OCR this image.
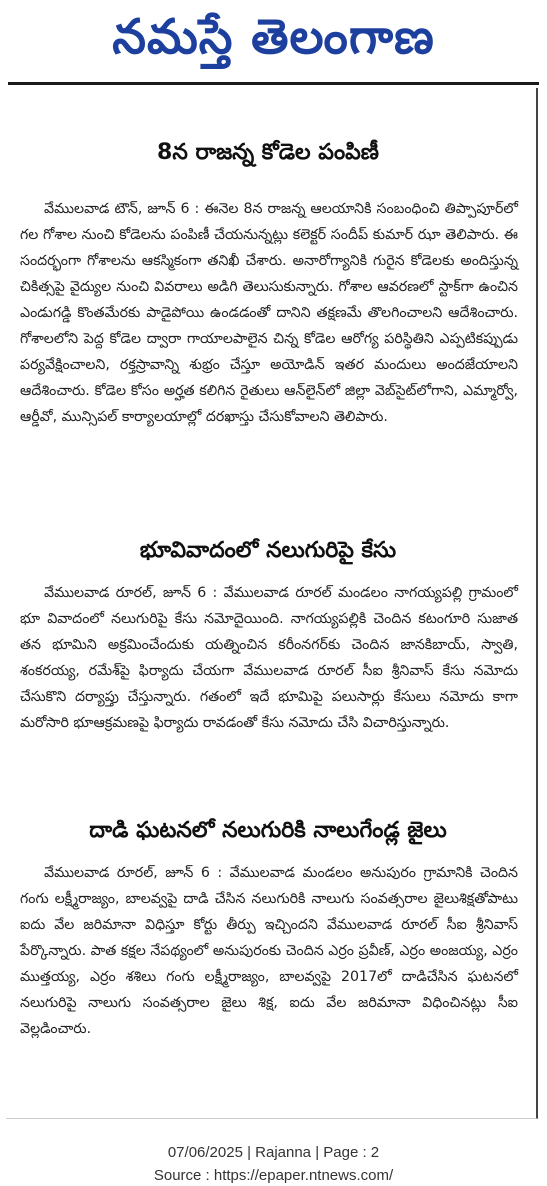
నమస్తే తెలంగాణ
8న రాజన్న కోడెల పంపిణీ

వేములవాడ టౌన్, జూన్ 6 : ఈనెల 8న రాజన్న ఆలయానికి సంబంధించి తిప్పాపూర్‌లో గల గోశాల నుంచి కోడెలను పంపిణీ చేయనున్నట్లు కలెక్టర్ సందీప్ కుమార్ ఝా తెలిపారు. ఈ సందర్భంగా గోశాలను ఆకస్మికంగా తనిఖీ చేశారు. అనారోగ్యానికి గురైన కోడెలకు అందిస్తున్న చికిత్సపై వైద్యుల నుంచి వివరాలు అడిగి తెలుసుకున్నారు. గోశాల ఆవరణలో స్టాక్‌గా ఉంచిన ఎండుగడ్డి కొంతమేరకు పాడైపోయి ఉండడంతో దానిని తక్షణమే తొలగించాలని ఆదేశించారు. గోశాలలోని పెద్ద కోడెల ద్వారా గాయాలపాలైన చిన్న కోడెల ఆరోగ్య పరిస్థితిని ఎప్పటికప్పుడు పర్యవేక్షించాలని, రక్తస్రావాన్ని శుభ్రం చేస్తూ అయోడిన్ ఇతర మందులు అందజేయాలని ఆదేశించారు. కోడెల కోసం అర్హత కలిగిన రైతులు ఆన్‌లైన్‌లో జిల్లా వెబ్‌సైట్‌లోగాని, ఎమ్మార్వో, ఆర్డీవో, మున్సిపల్ కార్యాలయాల్లో దరఖాస్తు చేసుకోవాలని తెలిపారు.

భూవివాదంలో నలుగురిపై కేసు

వేములవాడ రూరల్, జూన్ 6 : వేములవాడ రూరల్ మండలం నాగయ్యపల్లి గ్రామంలో భూ వివాదంలో నలుగురిపై కేసు నమోదైయింది. నాగయ్యపల్లికి చెందిన కటంగూరి సుజాత తన భూమిని అక్రమించేందుకు యత్నించిన కరీంనగర్‌కు చెందిన జానకిబాయ్, స్వాతి, శంకరయ్య, రమేశ్‌పై ఫిర్యాదు చేయగా వేములవాడ రూరల్ సీఐ శ్రీనివాస్ కేసు నమోదు చేసుకొని దర్యాప్తు చేస్తున్నారు. గతంలో ఇదే భూమిపై పలుసార్లు కేసులు నమోదు కాగా మరోసారి భూఆక్రమణపై ఫిర్యాదు రావడంతో కేసు నమోదు చేసి విచారిస్తున్నారు.

దాడి ఘటనలో నలుగురికి నాలుగేండ్ల జైలు

వేములవాడ రూరల్, జూన్ 6 : వేములవాడ మండలం అనుపురం గ్రామానికి చెందిన గంగు లక్ష్మీరాజ్యం, బాలవ్వపై దాడి చేసిన నలుగురికి నాలుగు సంవత్సరాల జైలుశిక్షతోపాటు ఐదు వేల జరిమానా విధిస్తూ కోర్టు తీర్పు ఇచ్చిందని వేములవాడ రూరల్ సీఐ శ్రీనివాస్ పేర్కొన్నారు. పాత కక్షల నేపథ్యంలో అనుపురంకు చెందిన ఎర్రం ప్రవీణ్, ఎర్రం అంజయ్య, ఎర్రం ముత్తయ్య, ఎర్రం శశిలు గంగు లక్ష్మీరాజ్యం, బాలవ్వపై 2017లో దాడిచేసిన ఘటనలో నలుగురిపై నాలుగు సంవత్సరాల జైలు శిక్ష, ఐదు వేల జరిమానా విధించినట్లు సీఐ వెల్లడించారు.

07/06/2025 | Rajanna | Page : 2
Source : https://epaper.ntnews.com/
